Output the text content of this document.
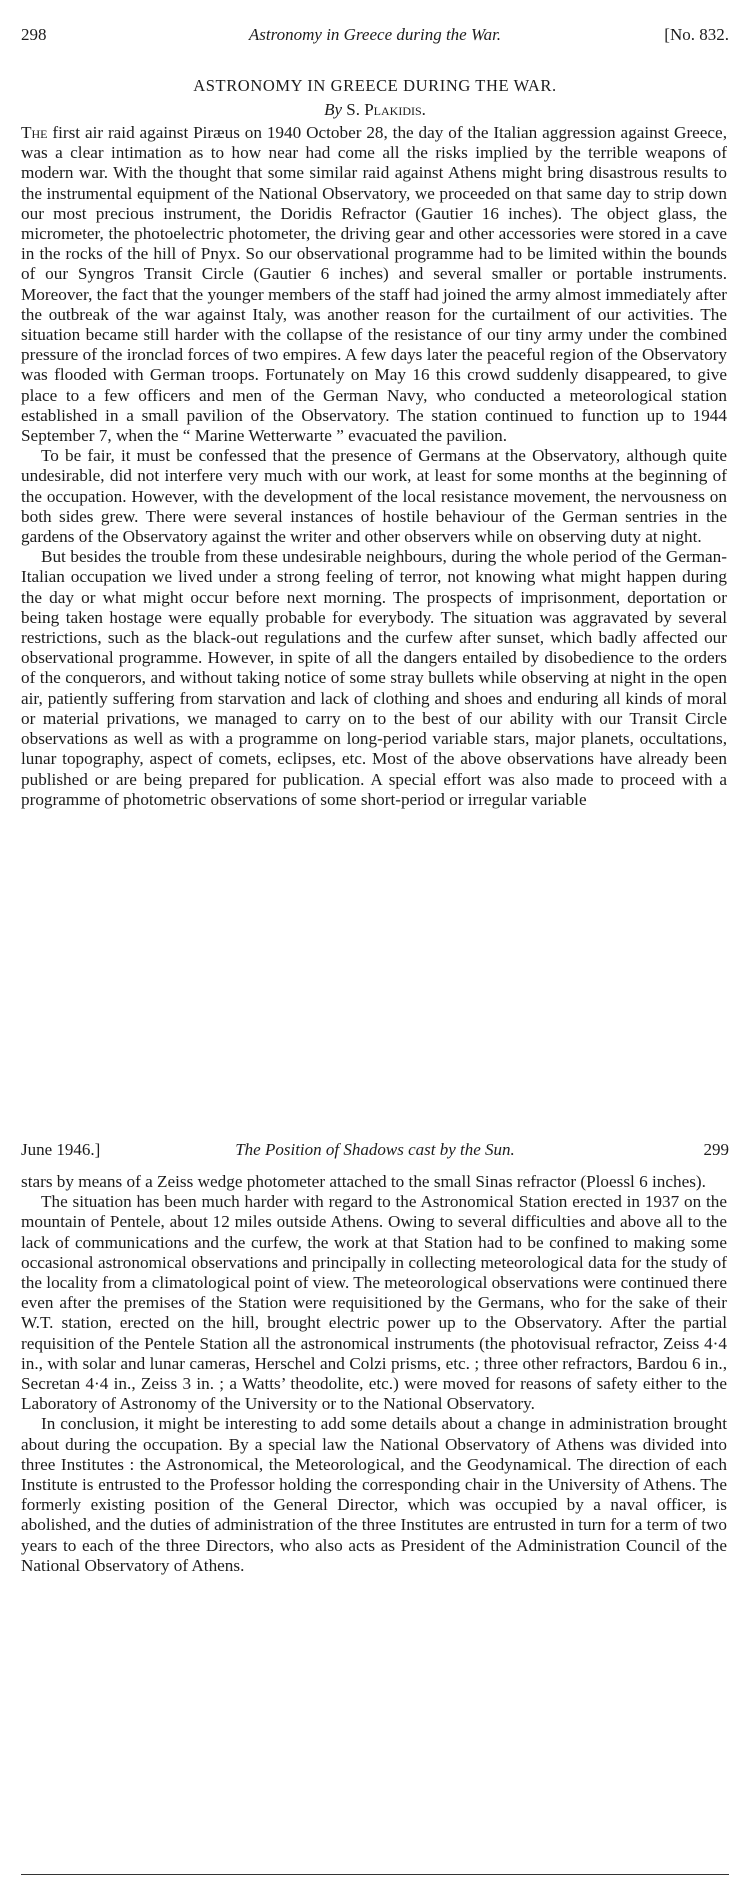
298	Astronomy in Greece during the War.	[No. 832.
ASTRONOMY IN GREECE DURING THE WAR.
By S. Plakidis.

The first air raid against Piræus on 1940 October 28, the day of the Italian aggression against Greece, was a clear intimation as to how near had come all the risks implied by the terrible weapons of modern war. With the thought that some similar raid against Athens might bring disastrous results to the instrumental equipment of the National Observatory, we proceeded on that same day to strip down our most precious instrument, the Doridis Refractor (Gautier 16 inches). The object glass, the micrometer, the photoelectric photometer, the driving gear and other accessories were stored in a cave in the rocks of the hill of Pnyx. So our observational programme had to be limited within the bounds of our Syngros Transit Circle (Gautier 6 inches) and several smaller or portable instruments. Moreover, the fact that the younger members of the staff had joined the army almost immediately after the outbreak of the war against Italy, was another reason for the curtailment of our activities. The situation became still harder with the collapse of the resistance of our tiny army under the combined pressure of the ironclad forces of two empires. A few days later the peaceful region of the Observatory was flooded with German troops. Fortunately on May 16 this crowd suddenly disappeared, to give place to a few officers and men of the German Navy, who conducted a meteorological station established in a small pavilion of the Observatory. The station continued to function up to 1944 September 7, when the “ Marine Wetterwarte ” evacuated the pavilion.

To be fair, it must be confessed that the presence of Germans at the Observatory, although quite undesirable, did not interfere very much with our work, at least for some months at the beginning of the occupation. However, with the development of the local resistance movement, the nervousness on both sides grew. There were several instances of hostile behaviour of the German sentries in the gardens of the Observatory against the writer and other observers while on observing duty at night.

But besides the trouble from these undesirable neighbours, during the whole period of the German-Italian occupation we lived under a strong feeling of terror, not knowing what might happen during the day or what might occur before next morning. The prospects of imprisonment, deportation or being taken hostage were equally probable for everybody. The situation was aggravated by several restrictions, such as the black-out regulations and the curfew after sunset, which badly affected our observational programme. However, in spite of all the dangers entailed by disobedience to the orders of the conquerors, and without taking notice of some stray bullets while observing at night in the open air, patiently suffering from starvation and lack of clothing and shoes and enduring all kinds of moral or material privations, we managed to carry on to the best of our ability with our Transit Circle observations as well as with a programme on long-period variable stars, major planets, occultations, lunar topography, aspect of comets, eclipses, etc. Most of the above observations have already been published or are being prepared for publication. A special effort was also made to proceed with a programme of photometric observations of some short-period or irregular variable

June 1946.]	The Position of Shadows cast by the Sun.	299

stars by means of a Zeiss wedge photometer attached to the small Sinas refractor (Ploessl 6 inches).

The situation has been much harder with regard to the Astronomical Station erected in 1937 on the mountain of Pentele, about 12 miles outside Athens. Owing to several difficulties and above all to the lack of communications and the curfew, the work at that Station had to be confined to making some occasional astronomical observations and principally in collecting meteorological data for the study of the locality from a climatological point of view. The meteorological observations were continued there even after the premises of the Station were requisitioned by the Germans, who for the sake of their W.T. station, erected on the hill, brought electric power up to the Observatory. After the partial requisition of the Pentele Station all the astronomical instruments (the photovisual refractor, Zeiss 4·4 in., with solar and lunar cameras, Herschel and Colzi prisms, etc. ; three other refractors, Bardou 6 in., Secretan 4·4 in., Zeiss 3 in. ; a Watts’ theodolite, etc.) were moved for reasons of safety either to the Laboratory of Astronomy of the University or to the National Observatory.

In conclusion, it might be interesting to add some details about a change in administration brought about during the occupation. By a special law the National Observatory of Athens was divided into three Institutes : the Astronomical, the Meteorological, and the Geodynamical. The direction of each Institute is entrusted to the Professor holding the corresponding chair in the University of Athens. The formerly existing position of the General Director, which was occupied by a naval officer, is abolished, and the duties of administration of the three Institutes are entrusted in turn for a term of two years to each of the three Directors, who also acts as President of the Administration Council of the National Observatory of Athens.
